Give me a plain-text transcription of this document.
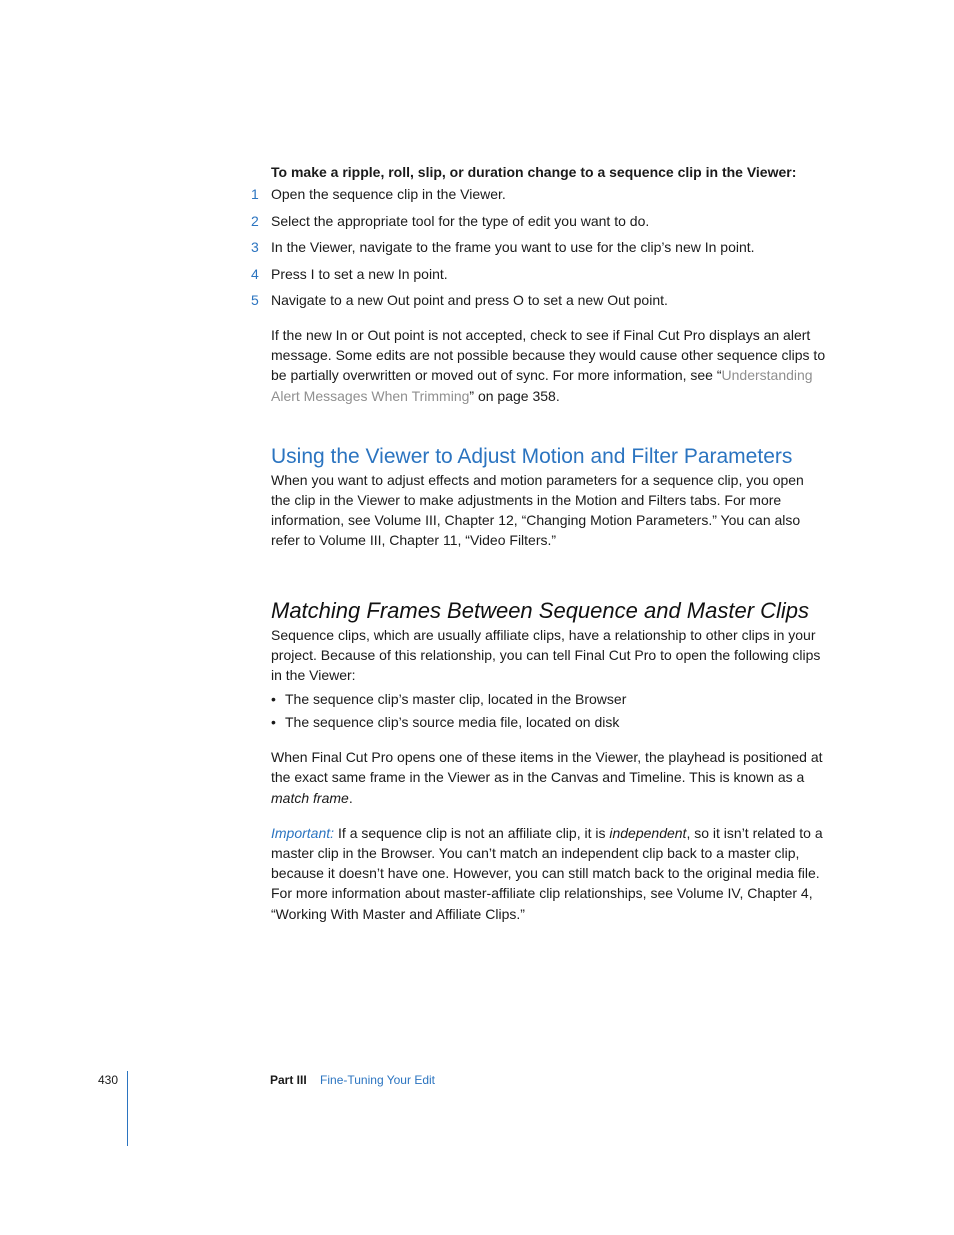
To make a ripple, roll, slip, or duration change to a sequence clip in the Viewer:
1 Open the sequence clip in the Viewer.
2 Select the appropriate tool for the type of edit you want to do.
3 In the Viewer, navigate to the frame you want to use for the clip’s new In point.
4 Press I to set a new In point.
5 Navigate to a new Out point and press O to set a new Out point.

If the new In or Out point is not accepted, check to see if Final Cut Pro displays an alert message. Some edits are not possible because they would cause other sequence clips to be partially overwritten or moved out of sync. For more information, see “Understanding Alert Messages When Trimming” on page 358.

Using the Viewer to Adjust Motion and Filter Parameters

When you want to adjust effects and motion parameters for a sequence clip, you open the clip in the Viewer to make adjustments in the Motion and Filters tabs. For more information, see Volume III, Chapter 12, “Changing Motion Parameters.” You can also refer to Volume III, Chapter 11, “Video Filters.”

Matching Frames Between Sequence and Master Clips

Sequence clips, which are usually affiliate clips, have a relationship to other clips in your project. Because of this relationship, you can tell Final Cut Pro to open the following clips in the Viewer:

• The sequence clip’s master clip, located in the Browser
• The sequence clip’s source media file, located on disk

When Final Cut Pro opens one of these items in the Viewer, the playhead is positioned at the exact same frame in the Viewer as in the Canvas and Timeline. This is known as a match frame.

Important: If a sequence clip is not an affiliate clip, it is independent, so it isn’t related to a master clip in the Browser. You can’t match an independent clip back to a master clip, because it doesn’t have one. However, you can still match back to the original media file. For more information about master-affiliate clip relationships, see Volume IV, Chapter 4, “Working With Master and Affiliate Clips.”

430	Part III Fine-Tuning Your Edit
